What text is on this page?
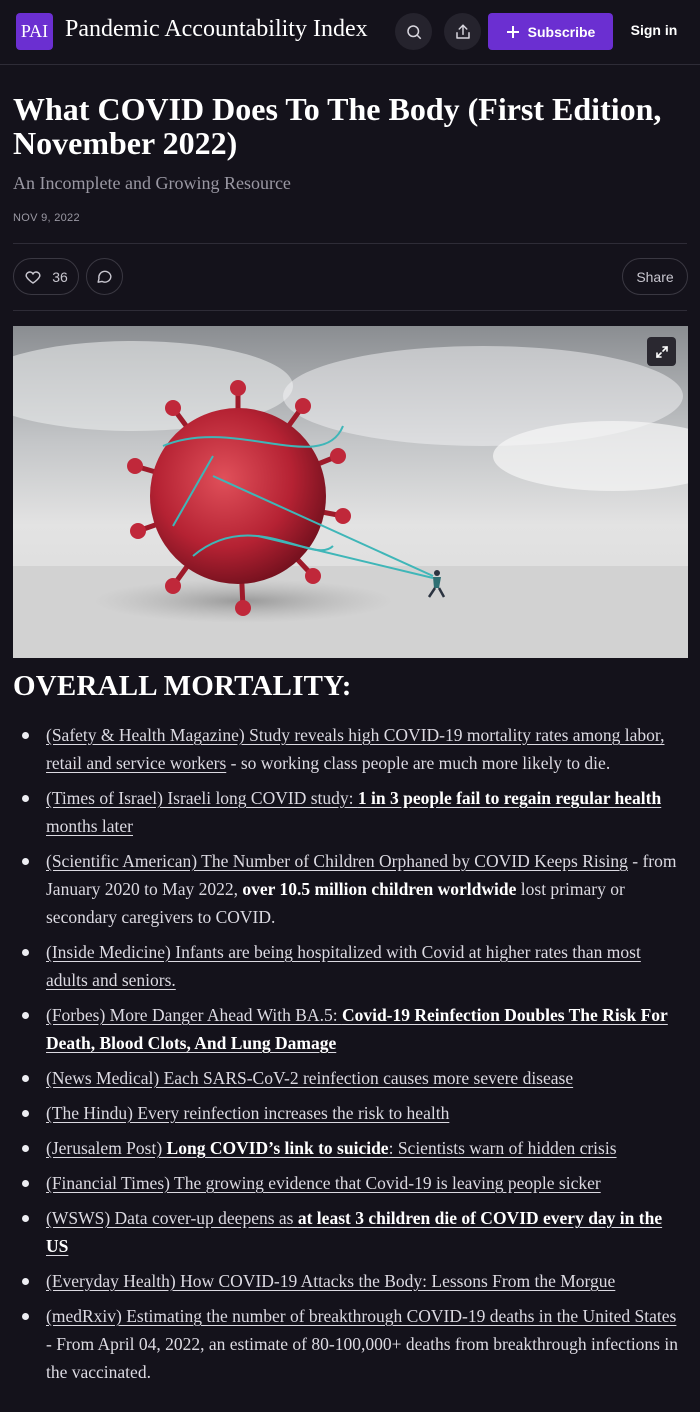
PAI Pandemic Accountability Index	Subscribe	Sign in
What COVID Does To The Body (First Edition, November 2022)
An Incomplete and Growing Resource
NOV 9, 2022
36	Share
OVERALL MORTALITY:
(Safety & Health Magazine) Study reveals high COVID-19 mortality rates among labor, retail and service workers - so working class people are much more likely to die.
(Times of Israel) Israeli long COVID study: 1 in 3 people fail to regain regular health months later
(Scientific American) The Number of Children Orphaned by COVID Keeps Rising - from January 2020 to May 2022, over 10.5 million children worldwide lost primary or secondary caregivers to COVID.
(Inside Medicine) Infants are being hospitalized with Covid at higher rates than most adults and seniors.
(Forbes) More Danger Ahead With BA.5: Covid-19 Reinfection Doubles The Risk For Death, Blood Clots, And Lung Damage
(News Medical) Each SARS-CoV-2 reinfection causes more severe disease
(The Hindu) Every reinfection increases the risk to health
(Jerusalem Post) Long COVID’s link to suicide: Scientists warn of hidden crisis
(Financial Times) The growing evidence that Covid-19 is leaving people sicker
(WSWS) Data cover-up deepens as at least 3 children die of COVID every day in the US
(Everyday Health) How COVID-19 Attacks the Body: Lessons From the Morgue
(medRxiv) Estimating the number of breakthrough COVID-19 deaths in the United States - From April 04, 2022, an estimate of 80-100,000+ deaths from breakthrough infections in the vaccinated.
